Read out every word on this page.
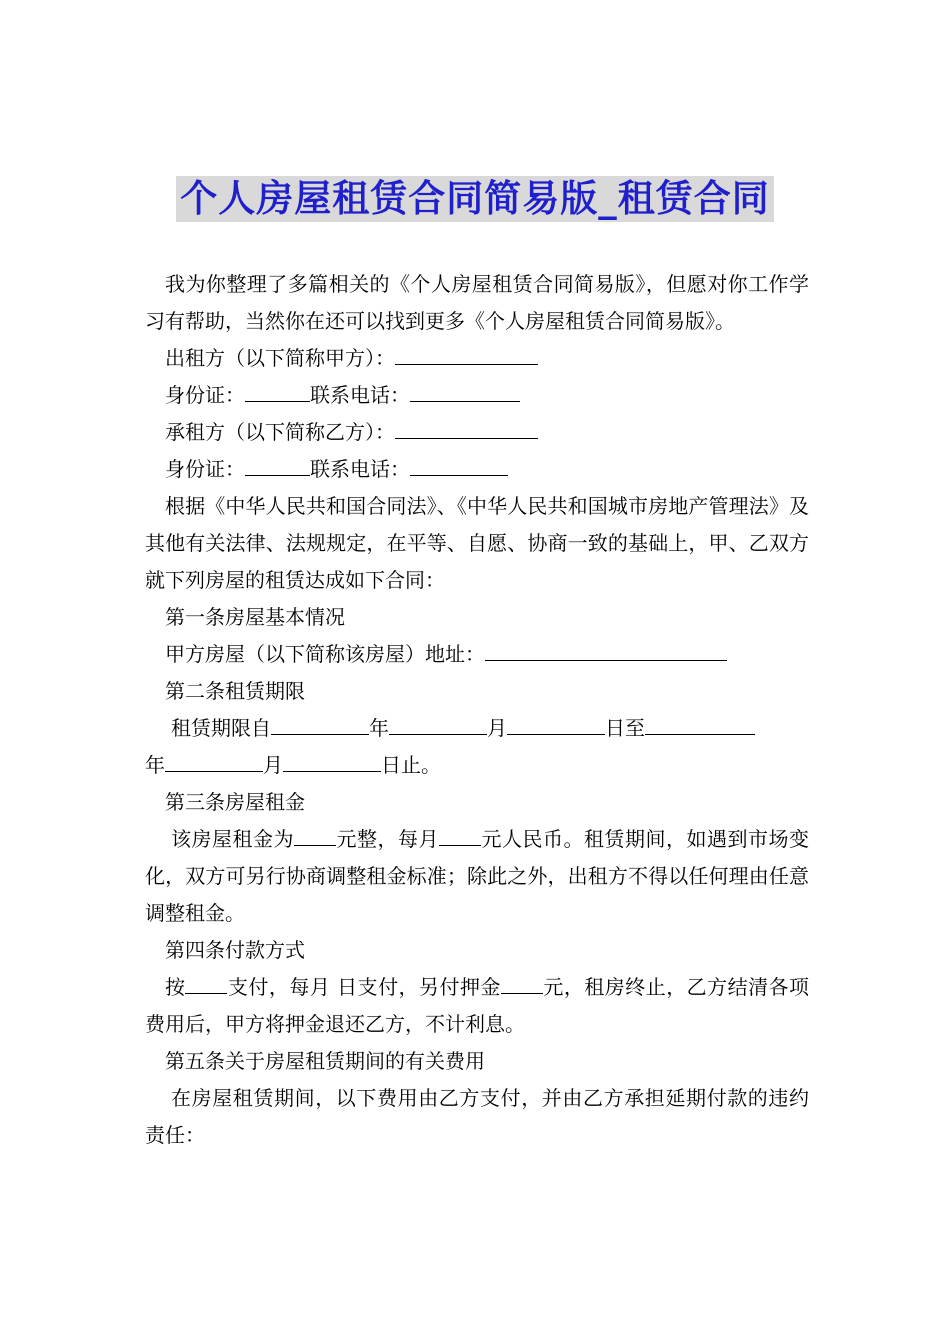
个人房屋租赁合同简易版_租赁合同

我为你整理了多篇相关的《个人房屋租赁合同简易版》，但愿对你工作学习有帮助，当然你在还可以找到更多《个人房屋租赁合同简易版》。

出租方（以下简称甲方）：

身份证：	联系电话：

承租方（以下简称乙方）：

身份证：	联系电话：

根据《中华人民共和国合同法》、《中华人民共和国城市房地产管理法》及其他有关法律、法规规定，在平等、自愿、协商一致的基础上，甲、乙双方就下列房屋的租赁达成如下合同：

第一条房屋基本情况

甲方房屋（以下简称该房屋）地址：

第二条租赁期限

租赁期限自	年	月	日至

年	月	日止。

第三条房屋租金

该房屋租金为 元整，每月 元人民币。租赁期间，如遇到市场变化，双方可另行协商调整租金标准；除此之外，出租方不得以任何理由任意调整租金。

第四条付款方式

按 支付，每月 日支付，另付押金 元，租房终止，乙方结清各项费用后，甲方将押金退还乙方，不计利息。

第五条关于房屋租赁期间的有关费用

在房屋租赁期间，以下费用由乙方支付，并由乙方承担延期付款的违约责任：
